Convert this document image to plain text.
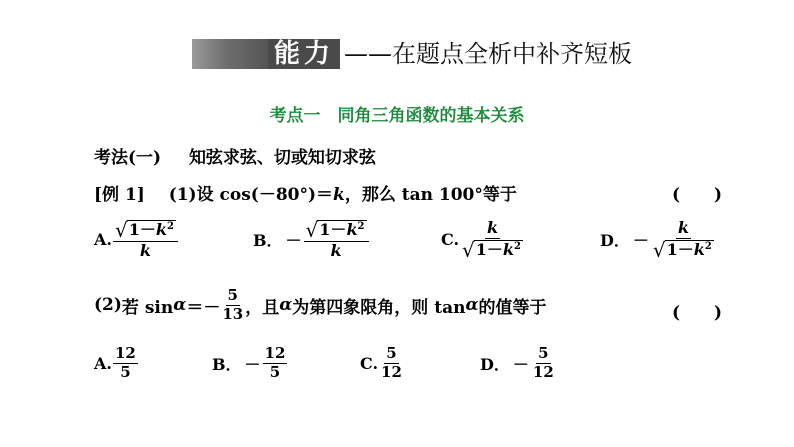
能力 ——在题点全析中补齐短板
考点一　同角三角函数的基本关系
考法(一) 知弦求弦、切或知切求弦
[例 1] (1)设 cos(－80°)＝k，那么 tan 100°等于	(　　)
A. $\frac{√ 1-k^2}{k}$	B． － $\frac{√ 1-k^2}{k}$	C. $\frac{k}{√ 1-k^2}$	D． － $\frac{k}{√ 1-k^2}$
(2) 若 $\sin \alpha =- \frac{5}{13}$ ，且 α 为第四象限角，则 tan α 的值等于	(　　)
A. $\frac{12}{5}$	B． － $\frac{12}{5}$	C. $\frac{5}{12}$	D． － $\frac{5}{12}$
